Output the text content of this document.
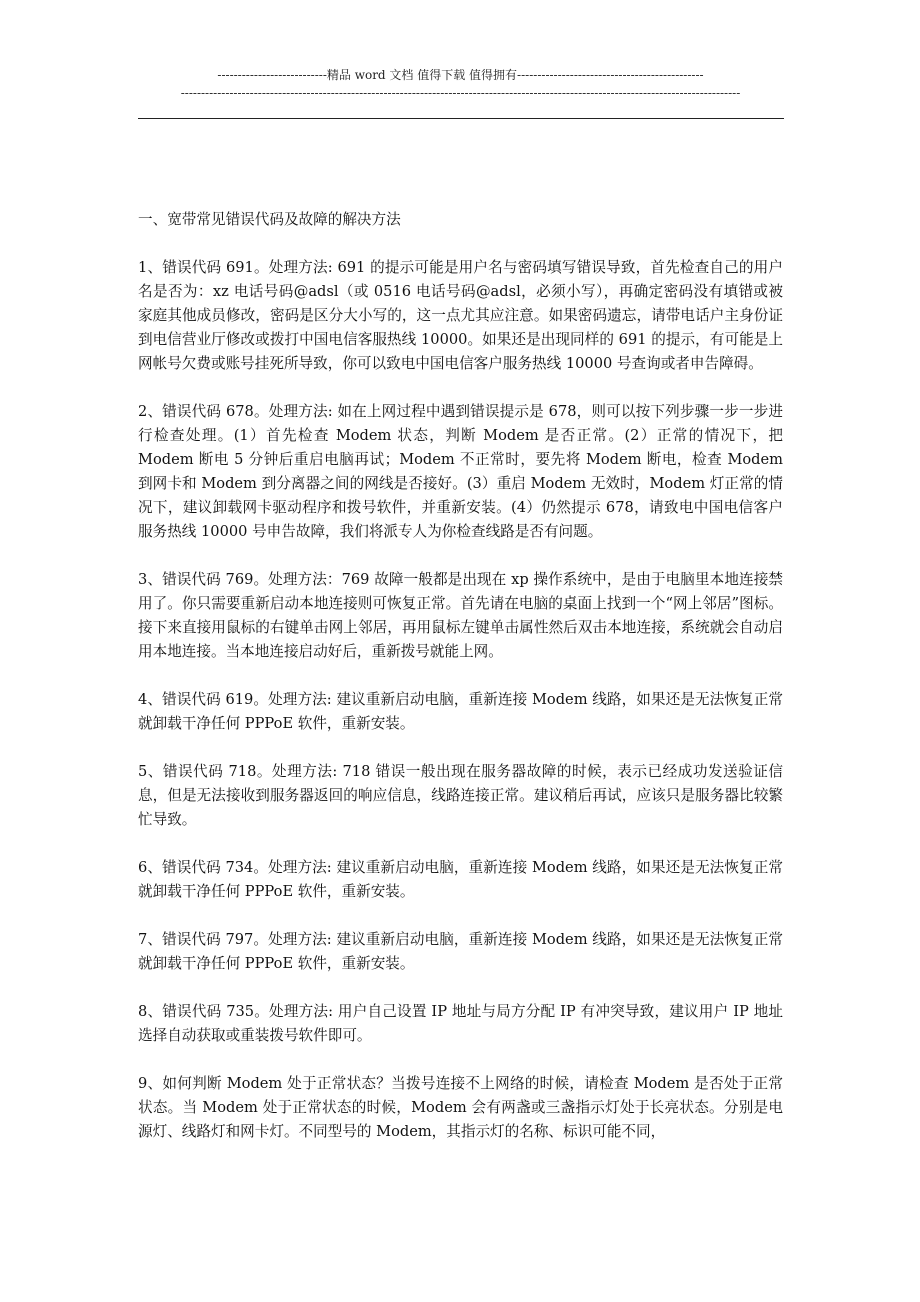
---------------------------精品 word 文档 值得下载 值得拥有----------------------------------------------
------------------------------------------------------------------------------------------------------------------------------------------

一、宽带常见错误代码及故障的解决方法

1、错误代码 691。处理方法: 691 的提示可能是用户名与密码填写错误导致，首先检查自己的用户名是否为：xz 电话号码@adsl（或 0516 电话号码@adsl，必须小写），再确定密码没有填错或被家庭其他成员修改，密码是区分大小写的，这一点尤其应注意。如果密码遗忘，请带电话户主身份证到电信营业厅修改或拨打中国电信客服热线 10000。如果还是出现同样的 691 的提示，有可能是上网帐号欠费或账号挂死所导致，你可以致电中国电信客户服务热线 10000 号查询或者申告障碍。

2、错误代码 678。处理方法: 如在上网过程中遇到错误提示是 678，则可以按下列步骤一步一步进行检查处理。(1）首先检查 Modem 状态，判断 Modem 是否正常。(2）正常的情况下，把 Modem 断电 5 分钟后重启电脑再试；Modem 不正常时，要先将 Modem 断电，检查 Modem 到网卡和 Modem 到分离器之间的网线是否接好。(3）重启 Modem 无效时，Modem 灯正常的情况下，建议卸载网卡驱动程序和拨号软件，并重新安装。(4）仍然提示 678，请致电中国电信客户服务热线 10000 号申告故障，我们将派专人为你检查线路是否有问题。

3、错误代码 769。处理方法：769 故障一般都是出现在 xp 操作系统中，是由于电脑里本地连接禁用了。你只需要重新启动本地连接则可恢复正常。首先请在电脑的桌面上找到一个“网上邻居”图标。接下来直接用鼠标的右键单击网上邻居，再用鼠标左键单击属性然后双击本地连接，系统就会自动启用本地连接。当本地连接启动好后，重新拨号就能上网。

4、错误代码 619。处理方法: 建议重新启动电脑，重新连接 Modem 线路，如果还是无法恢复正常就卸载干净任何 PPPoE 软件，重新安装。

5、错误代码 718。处理方法: 718 错误一般出现在服务器故障的时候，表示已经成功发送验证信息，但是无法接收到服务器返回的响应信息，线路连接正常。建议稍后再试，应该只是服务器比较繁忙导致。

6、错误代码 734。处理方法: 建议重新启动电脑，重新连接 Modem 线路，如果还是无法恢复正常就卸载干净任何 PPPoE 软件，重新安装。

7、错误代码 797。处理方法: 建议重新启动电脑，重新连接 Modem 线路，如果还是无法恢复正常就卸载干净任何 PPPoE 软件，重新安装。

8、错误代码 735。处理方法: 用户自己设置 IP 地址与局方分配 IP 有冲突导致，建议用户 IP 地址选择自动获取或重装拨号软件即可。

9、如何判断 Modem 处于正常状态？当拨号连接不上网络的时候，请检查 Modem 是否处于正常状态。当 Modem 处于正常状态的时候，Modem 会有两盏或三盏指示灯处于长亮状态。分别是电源灯、线路灯和网卡灯。不同型号的 Modem，其指示灯的名称、标识可能不同，
